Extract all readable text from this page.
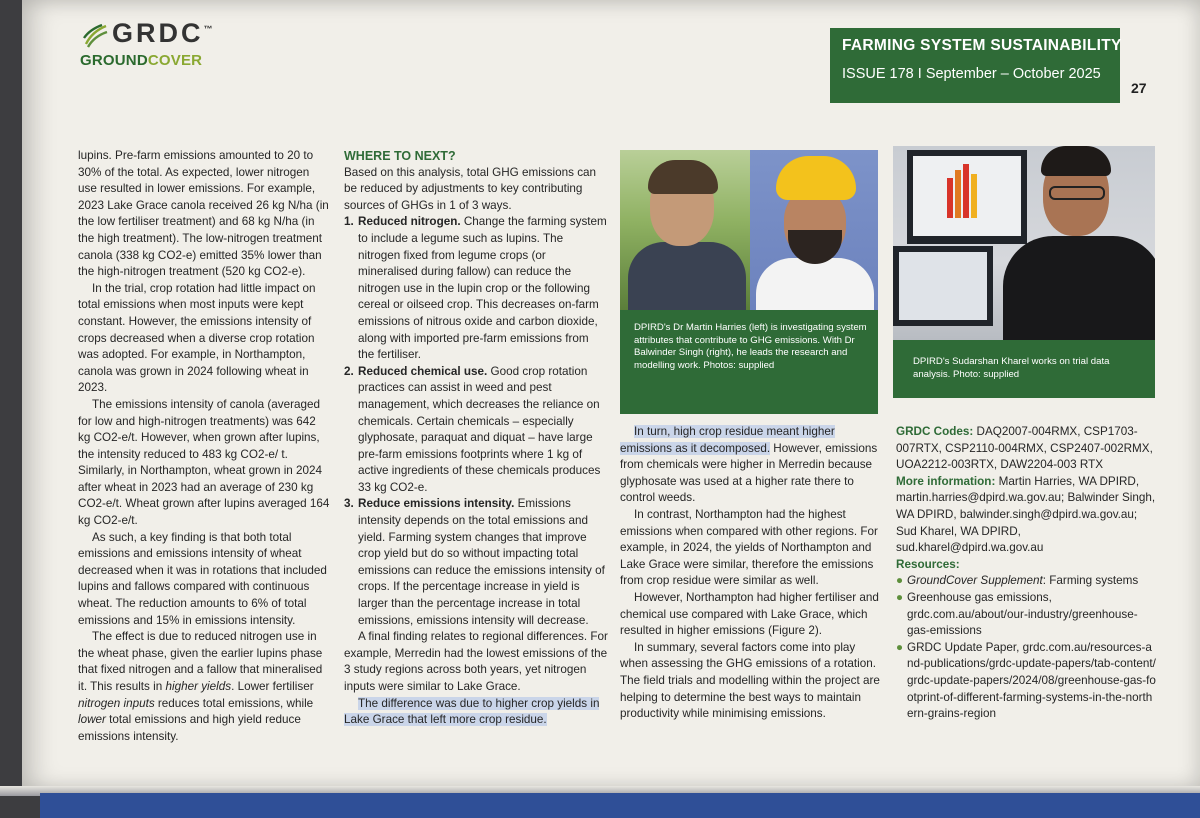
GRDC™
GROUNDCOVER
FARMING SYSTEM SUSTAINABILITY
ISSUE 178 I September – October 2025
27

lupins. Pre-farm emissions amounted to 20 to 30% of the total. As expected, lower nitrogen use resulted in lower emissions. For example, 2023 Lake Grace canola received 26 kg N/ha (in the low fertiliser treatment) and 68 kg N/ha (in the high treatment). The low-nitrogen treatment canola (338 kg CO2-e) emitted 35% lower than the high-nitrogen treatment (520 kg CO2-e).

In the trial, crop rotation had little impact on total emissions when most inputs were kept constant. However, the emissions intensity of crops decreased when a diverse crop rotation was adopted. For example, in Northampton, canola was grown in 2024 following wheat in 2023.

The emissions intensity of canola (averaged for low and high-nitrogen treatments) was 642 kg CO2-e/t. However, when grown after lupins, the intensity reduced to 483 kg CO2-e/ t. Similarly, in Northampton, wheat grown in 2024 after wheat in 2023 had an average of 230 kg CO2-e/t. Wheat grown after lupins averaged 164 kg CO2-e/t.

As such, a key finding is that both total emissions and emissions intensity of wheat decreased when it was in rotations that included lupins and fallows compared with continuous wheat. The reduction amounts to 6% of total emissions and 15% in emissions intensity.

The effect is due to reduced nitrogen use in the wheat phase, given the earlier lupins phase that fixed nitrogen and a fallow that mineralised it. This results in higher yields. Lower fertiliser nitrogen inputs reduces total emissions, while lower total emissions and high yield reduce emissions intensity.

WHERE TO NEXT?

Based on this analysis, total GHG emissions can be reduced by adjustments to key contributing sources of GHGs in 1 of 3 ways.

1. Reduced nitrogen. Change the farming system to include a legume such as lupins. The nitrogen fixed from legume crops (or mineralised during fallow) can reduce the nitrogen use in the lupin crop or the following cereal or oilseed crop. This decreases on-farm emissions of nitrous oxide and carbon dioxide, along with imported pre-farm emissions from the fertiliser.
2. Reduced chemical use. Good crop rotation practices can assist in weed and pest management, which decreases the reliance on chemicals. Certain chemicals – especially glyphosate, paraquat and diquat – have large pre-farm emissions footprints where 1 kg of active ingredients of these chemicals produces 33 kg CO2-e.
3. Reduce emissions intensity. Emissions intensity depends on the total emissions and yield. Farming system changes that improve crop yield but do so without impacting total emissions can reduce the emissions intensity of crops. If the percentage increase in yield is larger than the percentage increase in total emissions, emissions intensity will decrease.

A final finding relates to regional differences. For example, Merredin had the lowest emissions of the 3 study regions across both years, yet nitrogen inputs were similar to Lake Grace.

The difference was due to higher crop yields in Lake Grace that left more crop residue.

DPIRD's Dr Martin Harries (left) is investigating system attributes that contribute to GHG emissions. With Dr Balwinder Singh (right), he leads the research and modelling work. Photos: supplied	DPIRD's Sudarshan Kharel works on trial data analysis. Photo: supplied

In turn, high crop residue meant higher emissions as it decomposed. However, emissions from chemicals were higher in Merredin because glyphosate was used at a higher rate there to control weeds.

In contrast, Northampton had the highest emissions when compared with other regions. For example, in 2024, the yields of Northampton and Lake Grace were similar, therefore the emissions from crop residue were similar as well.

However, Northampton had higher fertiliser and chemical use compared with Lake Grace, which resulted in higher emissions (Figure 2).

In summary, several factors come into play when assessing the GHG emissions of a rotation. The field trials and modelling within the project are helping to determine the best ways to maintain productivity while minimising emissions.

GRDC Codes: DAQ2007-004RMX, CSP1703-007RTX, CSP2110-004RMX, CSP2407-002RMX, UOA2212-003RTX, DAW2204-003 RTX

More information: Martin Harries, WA DPIRD, martin.harries@dpird.wa.gov.au; Balwinder Singh, WA DPIRD, balwinder.singh@dpird.wa.gov.au; Sud Kharel, WA DPIRD, sud.kharel@dpird.wa.gov.au

Resources:

● GroundCover Supplement: Farming systems
● Greenhouse gas emissions, grdc.com.au/about/our-industry/greenhouse-gas-emissions
● GRDC Update Paper, grdc.com.au/resources-and-publications/grdc-update-papers/tab-content/grdc-update-papers/2024/08/greenhouse-gas-footprint-of-different-farming-systems-in-the-northern-grains-region
